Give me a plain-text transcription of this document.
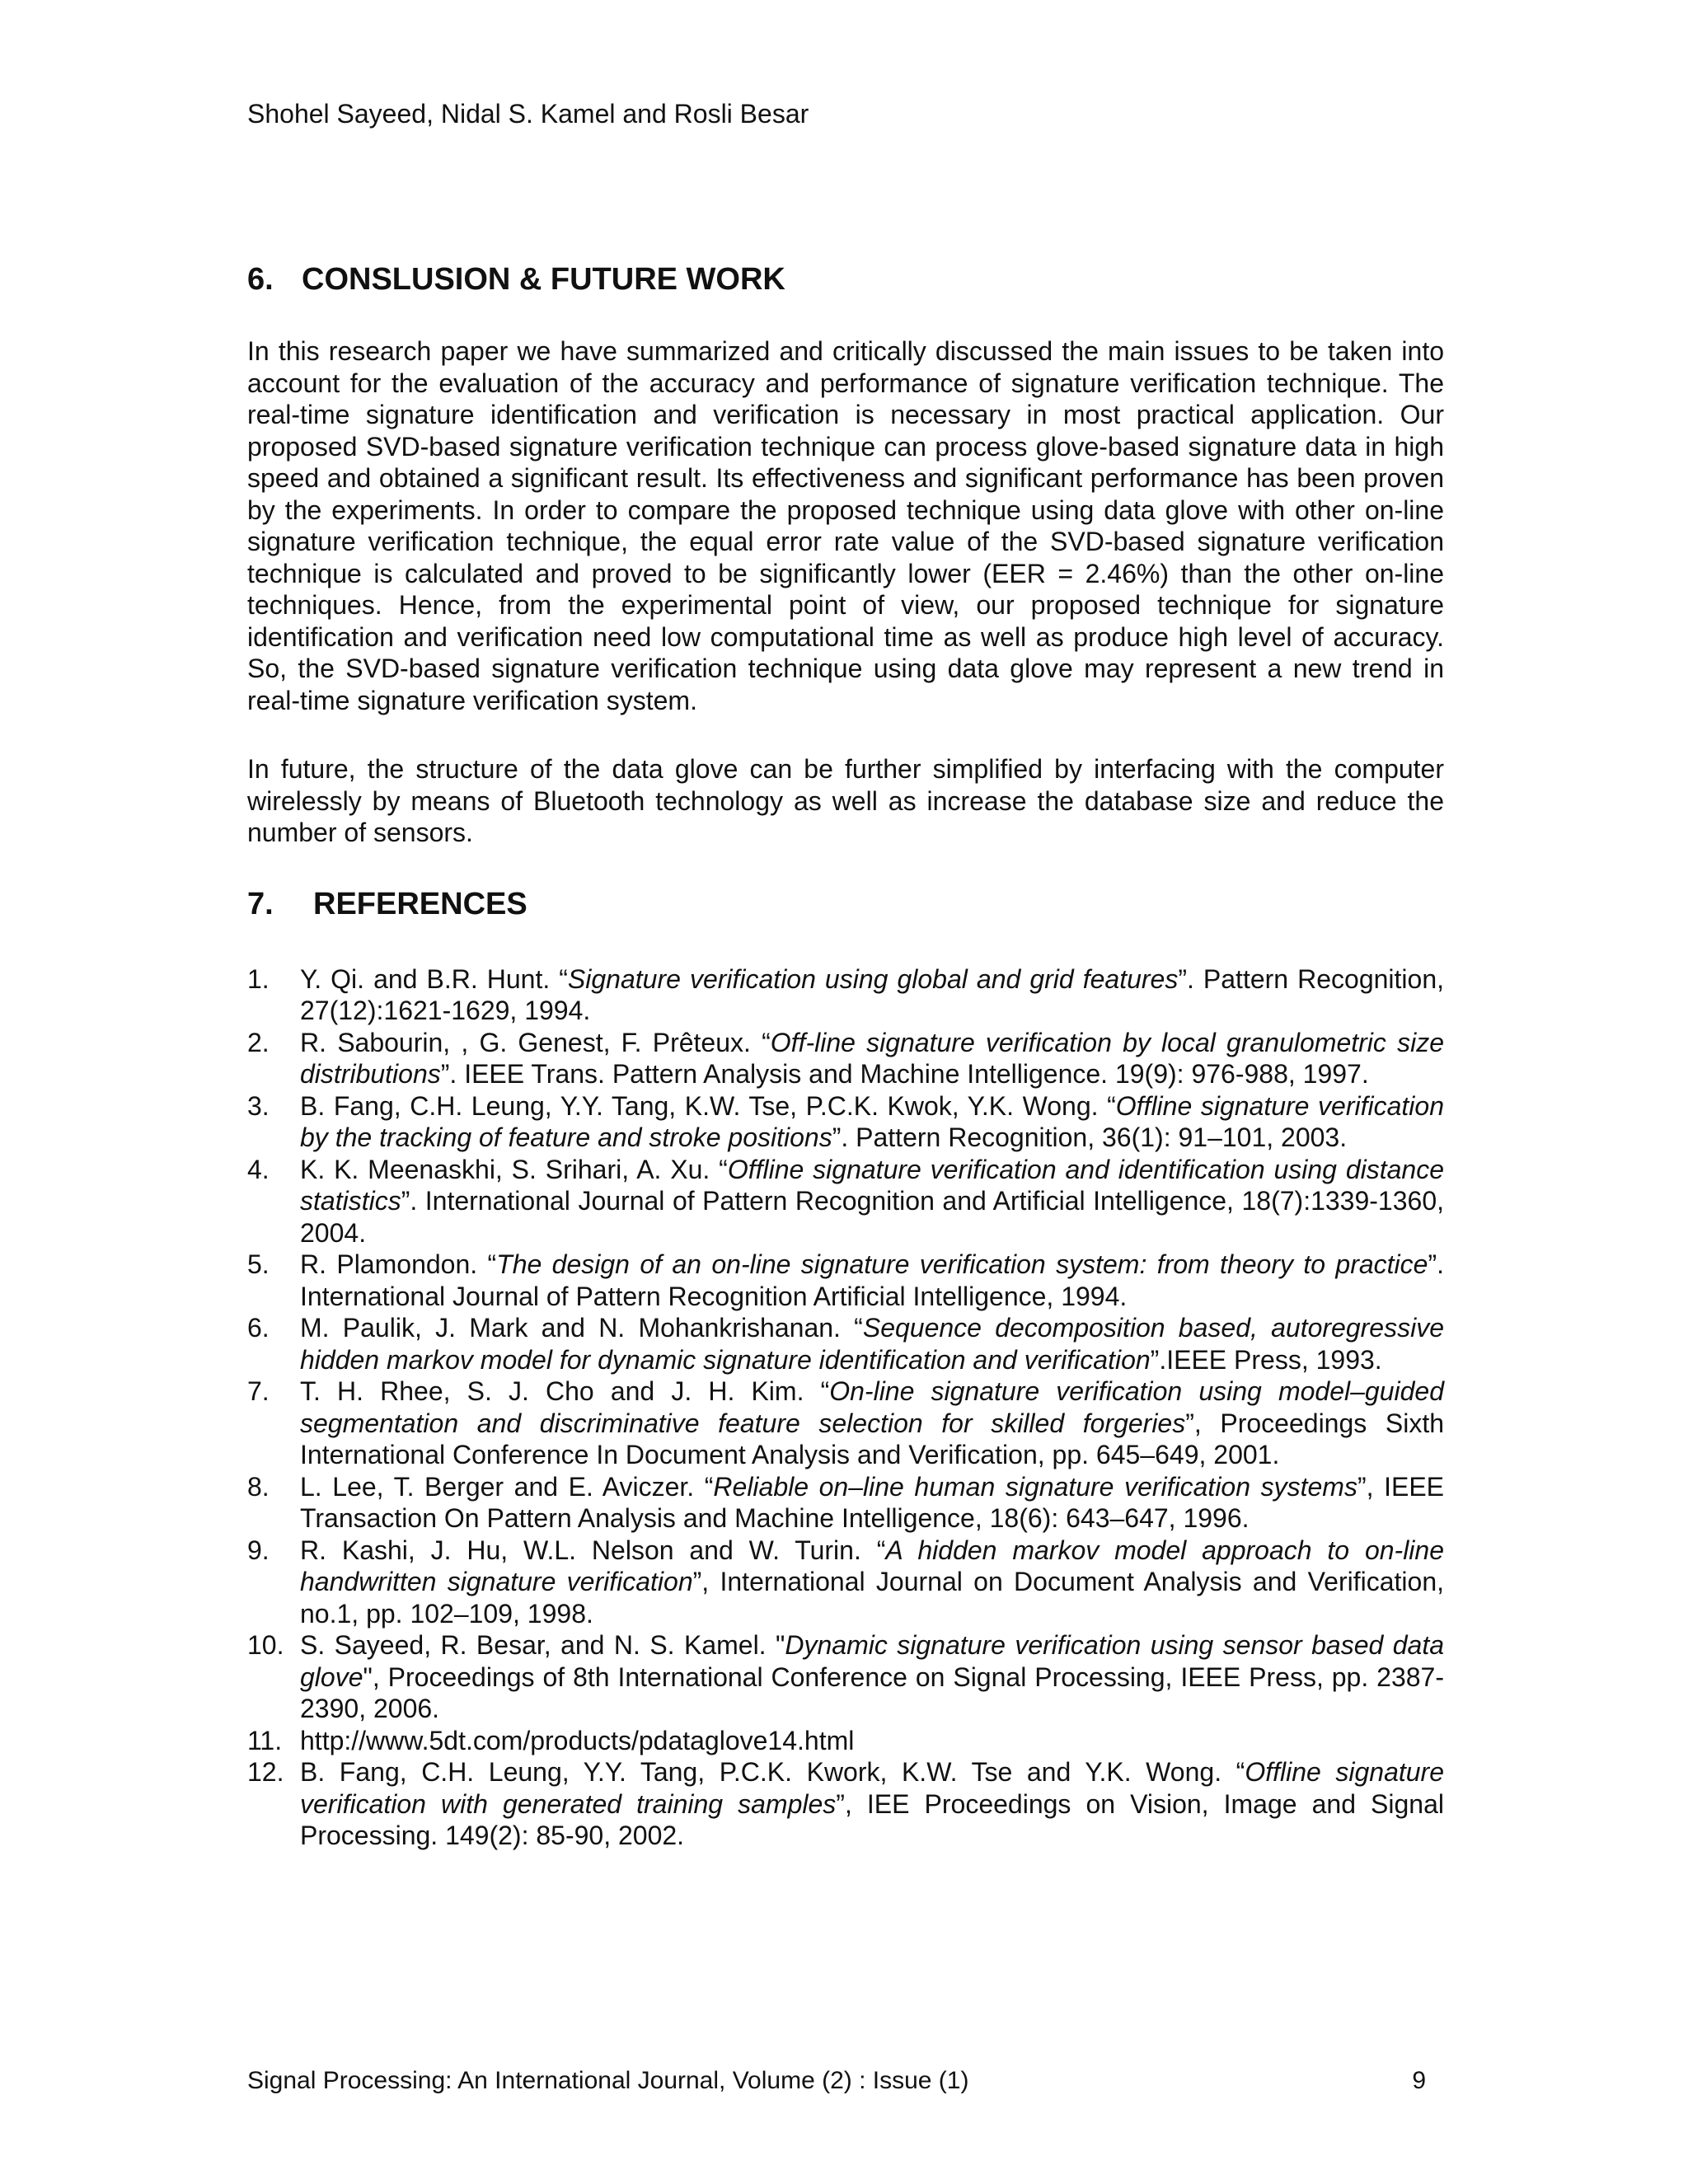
Shohel Sayeed, Nidal S. Kamel and Rosli Besar
6. CONSLUSION & FUTURE WORK

In this research paper we have summarized and critically discussed the main issues to be taken into account for the evaluation of the accuracy and performance of signature verification technique. The real-time signature identification and verification is necessary in most practical application. Our proposed SVD-based signature verification technique can process glove-based signature data in high speed and obtained a significant result. Its effectiveness and significant performance has been proven by the experiments. In order to compare the proposed technique using data glove with other on-line signature verification technique, the equal error rate value of the SVD-based signature verification technique is calculated and proved to be significantly lower (EER = 2.46%) than the other on-line techniques. Hence, from the experimental point of view, our proposed technique for signature identification and verification need low computational time as well as produce high level of accuracy. So, the SVD-based signature verification technique using data glove may represent a new trend in real-time signature verification system.

In future, the structure of the data glove can be further simplified by interfacing with the computer wirelessly by means of Bluetooth technology as well as increase the database size and reduce the number of sensors.

7. REFERENCES
1. Y. Qi. and B.R. Hunt. “Signature verification using global and grid features”. Pattern Recognition, 27(12):1621-1629, 1994.
2. R. Sabourin, , G. Genest, F. Prêteux. “Off-line signature verification by local granulometric size distributions”. IEEE Trans. Pattern Analysis and Machine Intelligence. 19(9): 976-988, 1997.
3. B. Fang, C.H. Leung, Y.Y. Tang, K.W. Tse, P.C.K. Kwok, Y.K. Wong. “Offline signature verification by the tracking of feature and stroke positions”. Pattern Recognition, 36(1): 91–101, 2003.
4. K. K. Meenaskhi, S. Srihari, A. Xu. “Offline signature verification and identification using distance statistics”. International Journal of Pattern Recognition and Artificial Intelligence, 18(7):1339-1360, 2004.
5. R. Plamondon. “The design of an on-line signature verification system: from theory to practice”. International Journal of Pattern Recognition Artificial Intelligence, 1994.
6. M. Paulik, J. Mark and N. Mohankrishanan. “Sequence decomposition based, autoregressive hidden markov model for dynamic signature identification and verification”.IEEE Press, 1993.
7. T. H. Rhee, S. J. Cho and J. H. Kim. “On-line signature verification using model–guided segmentation and discriminative feature selection for skilled forgeries”, Proceedings Sixth International Conference In Document Analysis and Verification, pp. 645–649, 2001.
8. L. Lee, T. Berger and E. Aviczer. “Reliable on–line human signature verification systems”, IEEE Transaction On Pattern Analysis and Machine Intelligence, 18(6): 643–647, 1996.
9. R. Kashi, J. Hu, W.L. Nelson and W. Turin. “A hidden markov model approach to on-line handwritten signature verification”, International Journal on Document Analysis and Verification, no.1, pp. 102–109, 1998.
10. S. Sayeed, R. Besar, and N. S. Kamel. "Dynamic signature verification using sensor based data glove", Proceedings of 8th International Conference on Signal Processing, IEEE Press, pp. 2387-2390, 2006.
11. http://www.5dt.com/products/pdataglove14.html
12. B. Fang, C.H. Leung, Y.Y. Tang, P.C.K. Kwork, K.W. Tse and Y.K. Wong. “Offline signature verification with generated training samples”, IEE Proceedings on Vision, Image and Signal Processing. 149(2): 85-90, 2002.
Signal Processing: An International Journal, Volume (2) : Issue (1)	9
